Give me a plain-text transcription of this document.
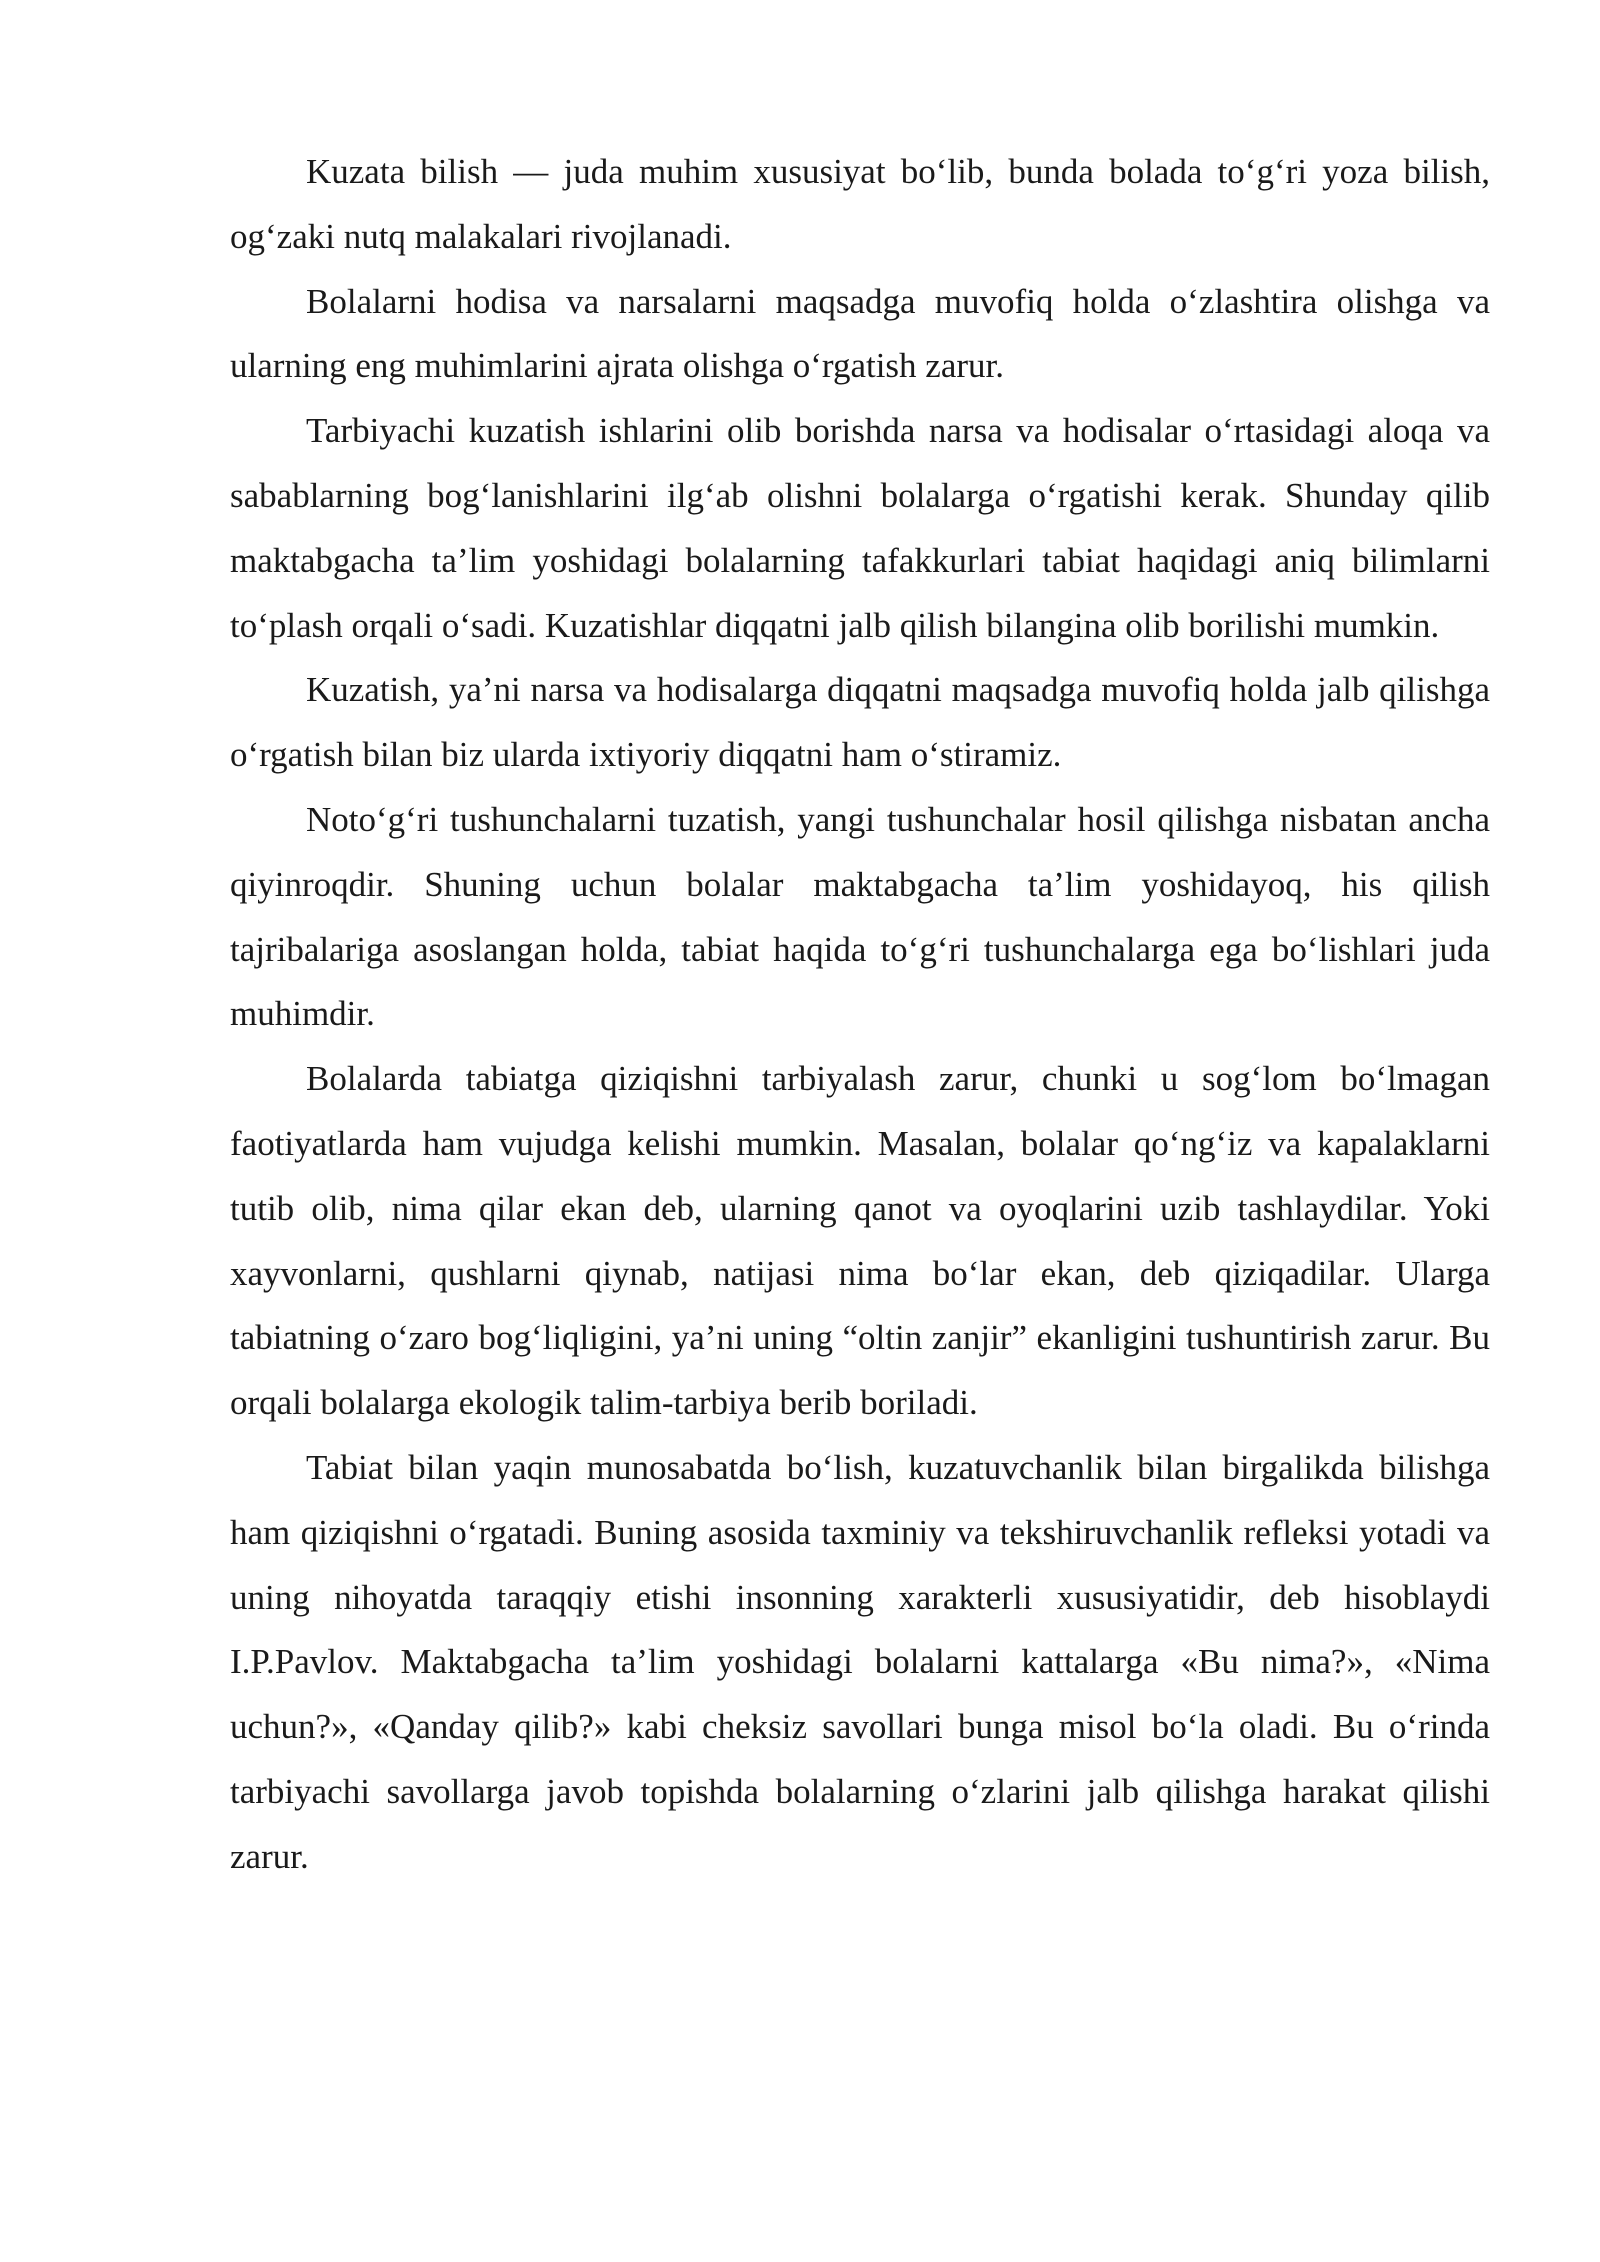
Kuzata bilish — juda muhim xususiyat bo‘lib, bunda bolada to‘g‘ri yoza bilish, og‘zaki nutq malakalari rivojlanadi.

Bolalarni hodisa va narsalarni maqsadga muvofiq holda o‘zlashtira olishga va ularning eng muhimlarini ajrata olishga o‘rgatish zarur.

Tarbiyachi kuzatish ishlarini olib borishda narsa va hodisalar o‘rtasidagi aloqa va sabablarning bog‘lanishlarini ilg‘ab olishni bolalarga o‘rgatishi kerak. Shunday qilib maktabgacha ta’lim yoshidagi bolalarning tafakkurlari tabiat haqidagi aniq bilimlarni to‘plash orqali o‘sadi. Kuzatishlar diqqatni jalb qilish bilangina olib borilishi mumkin.

Kuzatish, ya’ni narsa va hodisalarga diqqatni maqsadga muvofiq holda jalb qilishga o‘rgatish bilan biz ularda ixtiyoriy diqqatni ham o‘stiramiz.

Noto‘g‘ri tushunchalarni tuzatish, yangi tushunchalar hosil qilishga nisbatan ancha qiyinroqdir. Shuning uchun bolalar maktabgacha ta’lim yoshidayoq, his qilish tajribalariga asoslangan holda, tabiat haqida to‘g‘ri tushunchalarga ega bo‘lishlari juda muhimdir.

Bolalarda tabiatga qiziqishni tarbiyalash zarur, chunki u sog‘lom bo‘lmagan faotiyatlarda ham vujudga kelishi mumkin. Masalan, bolalar qo‘ng‘iz va kapalaklarni tutib olib, nima qilar ekan deb, ularning qanot va oyoqlarini uzib tashlaydilar. Yoki xayvonlarni, qushlarni qiynab, natijasi nima bo‘lar ekan, deb qiziqadilar. Ularga tabiatning o‘zaro bog‘liqligini, ya’ni uning “oltin zanjir” ekanligini tushuntirish zarur. Bu orqali bolalarga ekologik talim-tarbiya berib boriladi.

Tabiat bilan yaqin munosabatda bo‘lish, kuzatuvchanlik bilan birgalikda bilishga ham qiziqishni o‘rgatadi. Buning asosida taxminiy va tekshiruvchanlik refleksi yotadi va uning nihoyatda taraqqiy etishi insonning xarakterli xususiyatidir, deb hisoblaydi I.P.Pavlov. Maktabgacha ta’lim yoshidagi bolalarni kattalarga «Bu nima?», «Nima uchun?», «Qanday qilib?» kabi cheksiz savollari bunga misol bo‘la oladi. Bu o‘rinda tarbiyachi savollarga javob topishda bolalarning o‘zlarini jalb qilishga harakat qilishi zarur.
